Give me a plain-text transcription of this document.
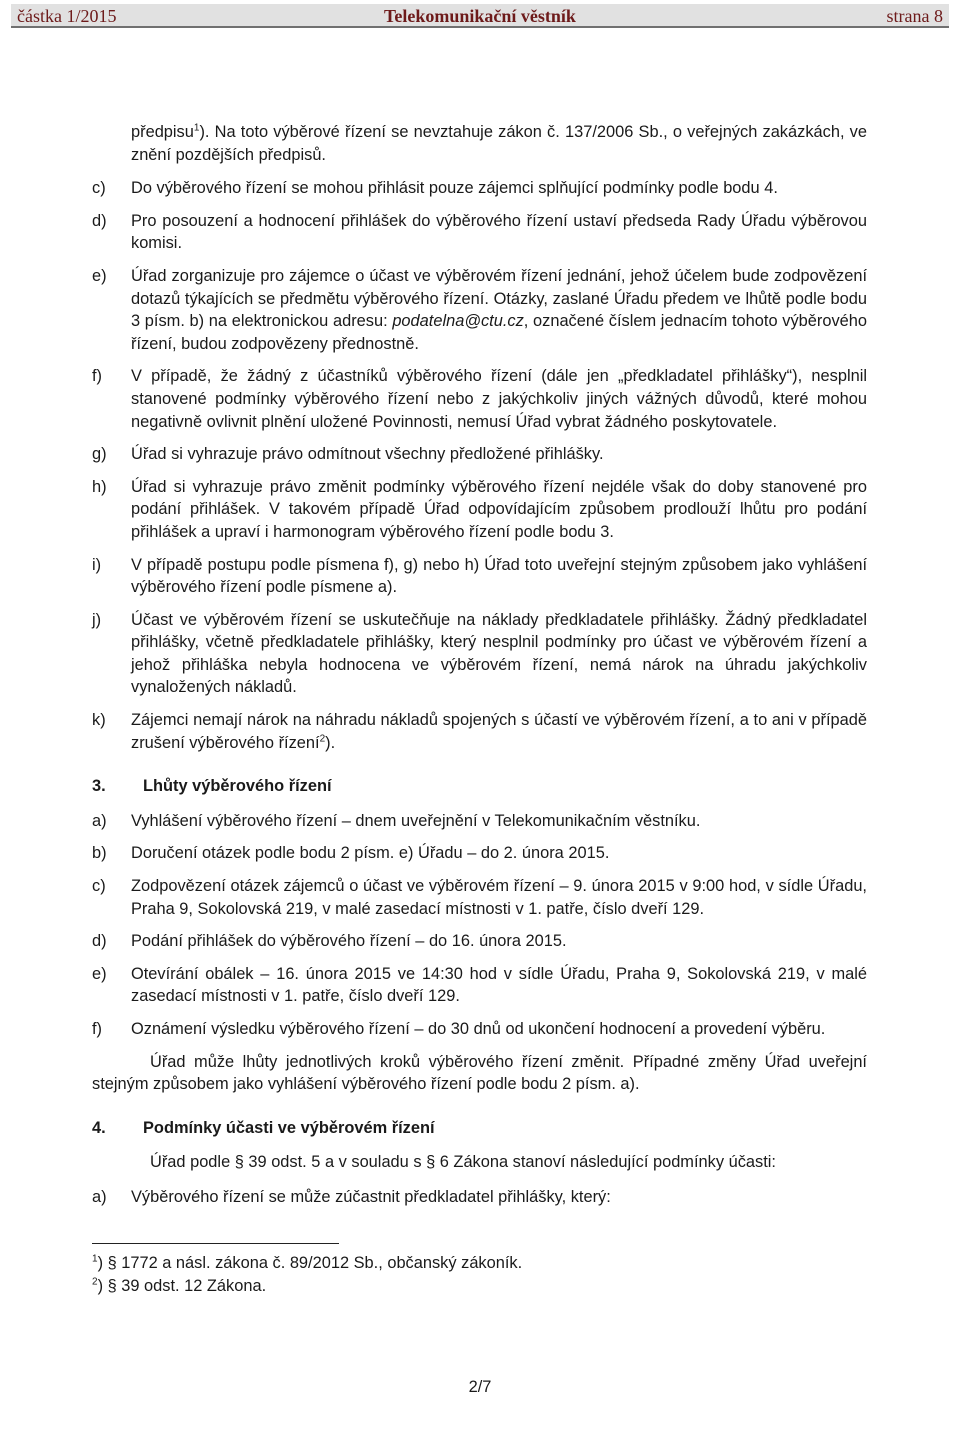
Telekomunikační věstník
částka 1/2015	strana 8
předpisu$^1$). Na toto výběrové řízení se nevztahuje zákon č. 137/2006 Sb., o veřejných zakázkách, ve znění pozdějších předpisů.
c)	Do výběrového řízení se mohou přihlásit pouze zájemci splňující podmínky podle bodu 4.
d)	Pro posouzení a hodnocení přihlášek do výběrového řízení ustaví předseda Rady Úřadu výběrovou komisi.
e)	Úřad zorganizuje pro zájemce o účast ve výběrovém řízení jednání, jehož účelem bude zodpovězení dotazů týkajících se předmětu výběrového řízení. Otázky, zaslané Úřadu předem ve lhůtě podle bodu 3 písm. b) na elektronickou adresu: podatelna@ctu.cz, označené číslem jednacím tohoto výběrového řízení, budou zodpovězeny přednostně.
f)	V případě, že žádný z účastníků výběrového řízení (dále jen „předkladatel přihlášky“), nesplnil stanovené podmínky výběrového řízení nebo z jakýchkoliv jiných vážných důvodů, které mohou negativně ovlivnit plnění uložené Povinnosti, nemusí Úřad vybrat žádného poskytovatele.
g)	Úřad si vyhrazuje právo odmítnout všechny předložené přihlášky.
h)	Úřad si vyhrazuje právo změnit podmínky výběrového řízení nejdéle však do doby stanovené pro podání přihlášek. V takovém případě Úřad odpovídajícím způsobem prodlouží lhůtu pro podání přihlášek a upraví i harmonogram výběrového řízení podle bodu 3.
i)	V případě postupu podle písmena f), g) nebo h) Úřad toto uveřejní stejným způsobem jako vyhlášení výběrového řízení podle písmene a).
j)	Účast ve výběrovém řízení se uskutečňuje na náklady předkladatele přihlášky. Žádný předkladatel přihlášky, včetně předkladatele přihlášky, který nesplnil podmínky pro účast ve výběrovém řízení a jehož přihláška nebyla hodnocena ve výběrovém řízení, nemá nárok na úhradu jakýchkoliv vynaložených nákladů.
k)	Zájemci nemají nárok na náhradu nákladů spojených s účastí ve výběrovém řízení, a to ani v případě zrušení výběrového řízení$^2$).
3.	Lhůty výběrového řízení
a)	Vyhlášení výběrového řízení – dnem uveřejnění v Telekomunikačním věstníku.
b)	Doručení otázek podle bodu 2 písm. e) Úřadu – do 2. února 2015.
c)	Zodpovězení otázek zájemců o účast ve výběrovém řízení – 9. února 2015 v 9:00 hod, v sídle Úřadu, Praha 9, Sokolovská 219, v malé zasedací místnosti v 1. patře, číslo dveří 129.
d)	Podání přihlášek do výběrového řízení – do 16. února 2015.
e)	Otevírání obálek – 16. února 2015 ve 14:30 hod v sídle Úřadu, Praha 9, Sokolovská 219, v malé zasedací místnosti v 1. patře, číslo dveří 129.
f)	Oznámení výsledku výběrového řízení – do 30 dnů od ukončení hodnocení a provedení výběru.
Úřad může lhůty jednotlivých kroků výběrového řízení změnit. Případné změny Úřad uveřejní stejným způsobem jako vyhlášení výběrového řízení podle bodu 2 písm. a).
4.	Podmínky účasti ve výběrovém řízení
Úřad podle § 39 odst. 5 a v souladu s § 6 Zákona stanoví následující podmínky účasti:
a)	Výběrového řízení se může zúčastnit předkladatel přihlášky, který:
$^1$) § 1772 a násl. zákona č. 89/2012 Sb., občanský zákoník.
$^2$) § 39 odst. 12 Zákona.
2/7
